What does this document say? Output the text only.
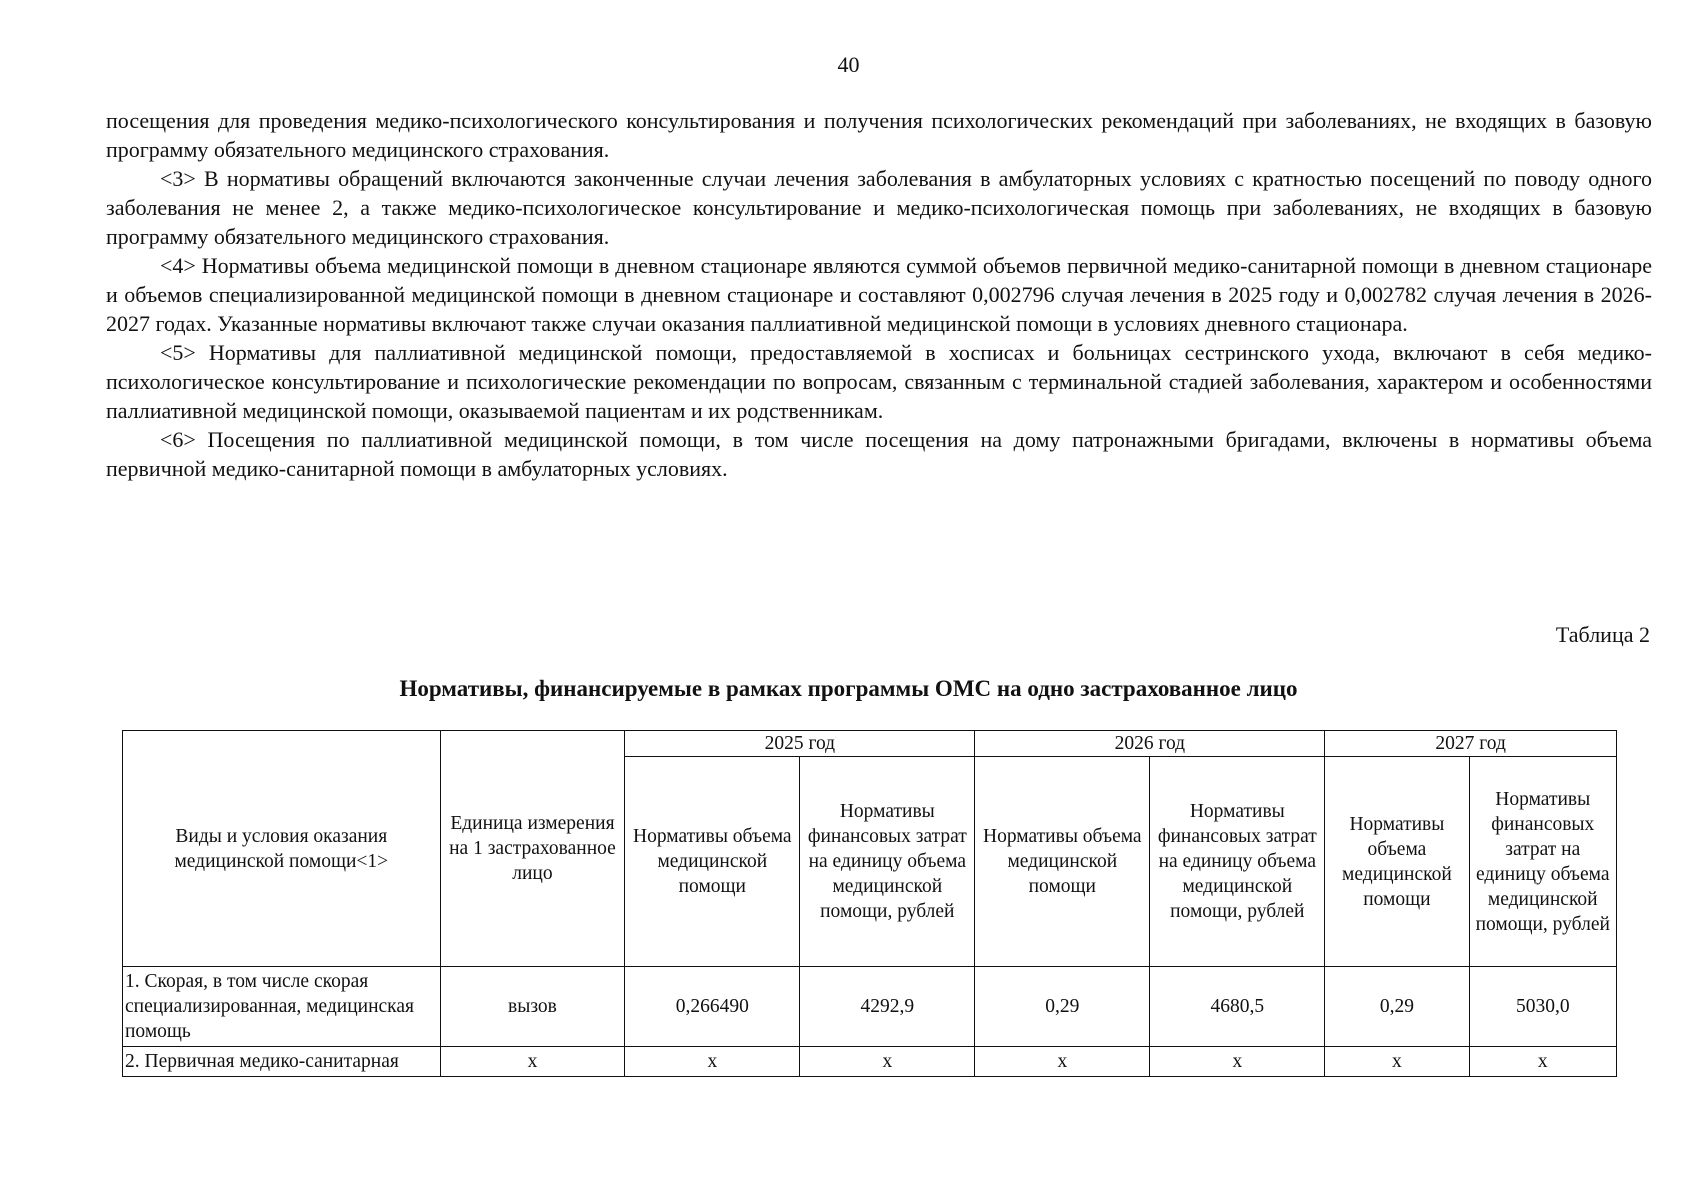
40

посещения для проведения медико-психологического консультирования и получения психологических рекомендаций при заболеваниях, не входящих в базовую программу обязательного медицинского страхования.

<3> В нормативы обращений включаются законченные случаи лечения заболевания в амбулаторных условиях с кратностью посещений по поводу одного заболевания не менее 2, а также медико-психологическое консультирование и медико-психологическая помощь при заболеваниях, не входящих в базовую программу обязательного медицинского страхования.

<4> Нормативы объема медицинской помощи в дневном стационаре являются суммой объемов первичной медико-санитарной помощи в дневном стационаре и объемов специализированной медицинской помощи в дневном стационаре и составляют 0,002796 случая лечения в 2025 году и 0,002782 случая лечения в 2026-2027 годах. Указанные нормативы включают также случаи оказания паллиативной медицинской помощи в условиях дневного стационара.

<5> Нормативы для паллиативной медицинской помощи, предоставляемой в хосписах и больницах сестринского ухода, включают в себя медико-психологическое консультирование и психологические рекомендации по вопросам, связанным с терминальной стадией заболевания, характером и особенностями паллиативной медицинской помощи, оказываемой пациентам и их родственникам.

<6> Посещения по паллиативной медицинской помощи, в том числе посещения на дому патронажными бригадами, включены в нормативы объема первичной медико-санитарной помощи в амбулаторных условиях.

Таблица 2
Нормативы, финансируемые в рамках программы ОМС на одно застрахованное лицо
Виды и условия оказания медицинской помощи<1>	Единица измерения на 1 застрахованное лицо	2025 год		2026 год		2027 год	
		Нормативы объема медицинской помощи	Нормативы финансовых затрат на единицу объема медицинской помощи, рублей	Нормативы объема медицинской помощи	Нормативы финансовых затрат на единицу объема медицинской помощи, рублей	Нормативы объема медицинской помощи	Нормативы финансовых затрат на единицу объема медицинской помощи, рублей
1. Скорая, в том числе скорая специализированная, медицинская помощь	вызов	0,266490	4292,9	0,29	4680,5	0,29	5030,0
2. Первичная медико-санитарная	х	х	х	х	х	х	х
